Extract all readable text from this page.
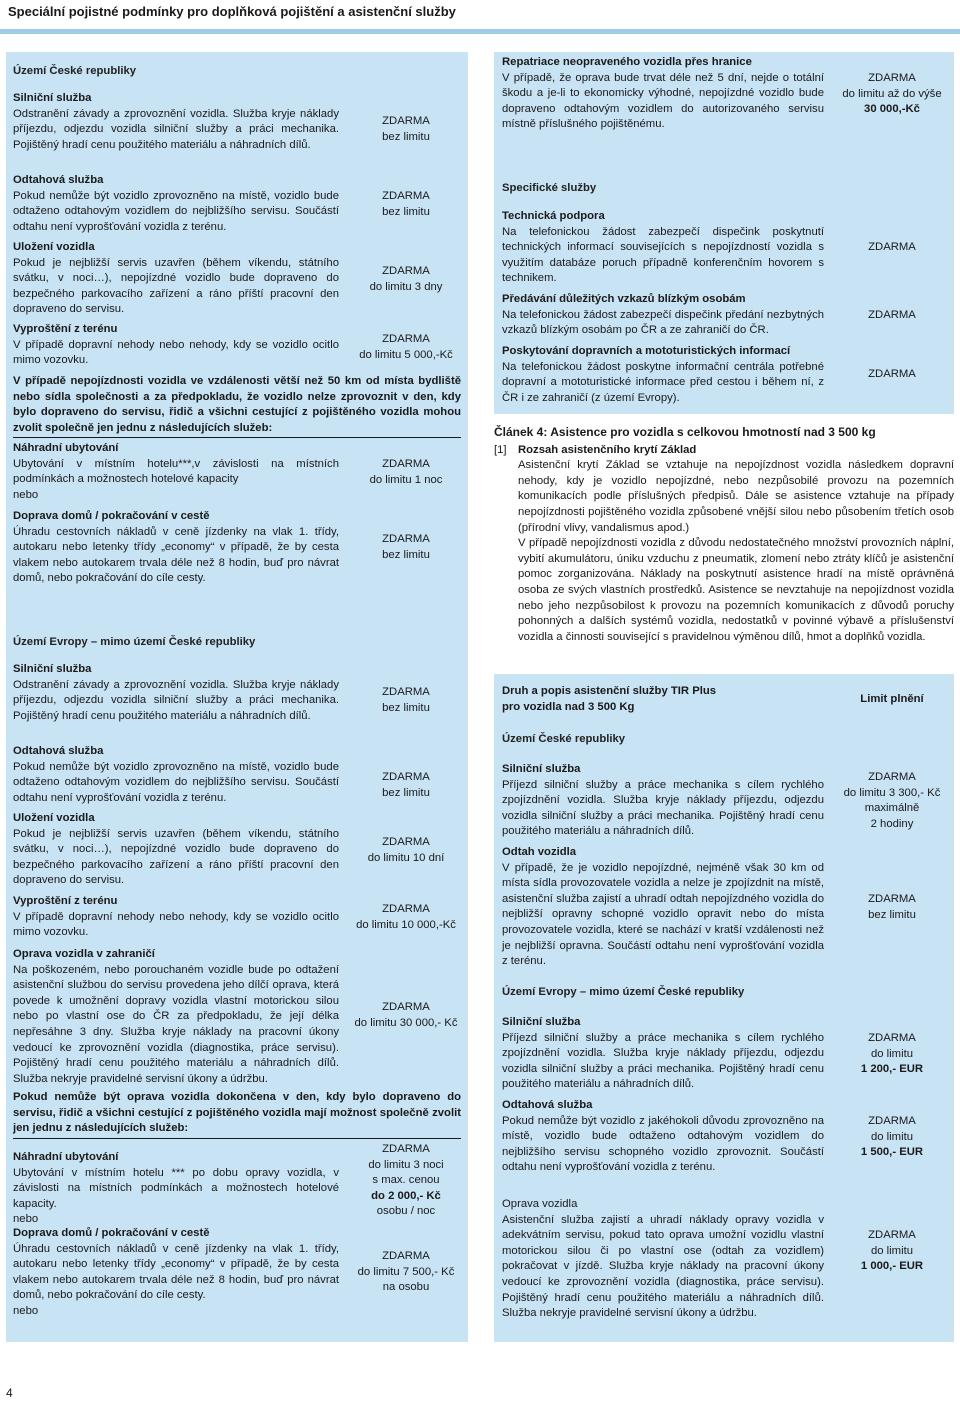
Speciální pojistné podmínky pro doplňková pojištění a asistenční služby
Území České republiky
Silniční služba
Odstranění závady a zprovoznění vozidla. Služba kryje náklady příjezdu, odjezdu vozidla silniční služby a práci mechanika. Pojištěný hradí cenu použitého materiálu a náhradních dílů.
ZDARMA
bez limitu
Odtahová služba
Pokud nemůže být vozidlo zprovozněno na místě, vozidlo bude odtaženo odtahovým vozidlem do nejbližšího servisu. Součástí odtahu není vyprošťování vozidla z terénu.
ZDARMA
bez limitu
Uložení vozidla
Pokud je nejbližší servis uzavřen (během víkendu, státního svátku, v noci…), nepojízdné vozidlo bude dopraveno do bezpečného parkovacího zařízení a ráno příští pracovní den dopraveno do servisu.
ZDARMA
do limitu 3 dny
Vyproštění z terénu
V případě dopravní nehody nebo nehody, kdy se vozidlo ocitlo mimo vozovku.
ZDARMA
do limitu 5 000,-Kč
V případě nepojízdnosti vozidla ve vzdálenosti větší než 50 km od místa bydliště nebo sídla společnosti a za předpokladu, že vozidlo nelze zprovoznit v den, kdy bylo dopraveno do servisu, řidič a všichni cestující z pojištěného vozidla mohou zvolit společně jen jednu z následujících služeb:
Náhradní ubytování
Ubytování v místním hotelu***,v závislosti na místních podmínkách a možnostech hotelové kapacity
nebo
ZDARMA
do limitu 1 noc
Doprava domů / pokračování v cestě
Úhradu cestovních nákladů v ceně jízdenky na vlak 1. třídy, autokaru nebo letenky třídy „economy“ v případě, že by cesta vlakem nebo autokarem trvala déle než 8 hodin, buď pro návrat domů, nebo pokračování do cíle cesty.
ZDARMA
bez limitu
Území Evropy – mimo území České republiky
Silniční služba
Odstranění závady a zprovoznění vozidla. Služba kryje náklady příjezdu, odjezdu vozidla silniční služby a práci mechanika. Pojištěný hradí cenu použitého materiálu a náhradních dílů.
ZDARMA
bez limitu
Odtahová služba
Pokud nemůže být vozidlo zprovozněno na místě, vozidlo bude odtaženo odtahovým vozidlem do nejbližšího servisu. Součástí odtahu není vyprošťování vozidla z terénu.
ZDARMA
bez limitu
Uložení vozidla
Pokud je nejbližší servis uzavřen (během víkendu, státního svátku, v noci…), nepojízdné vozidlo bude dopraveno do bezpečného parkovacího zařízení a ráno příští pracovní den dopraveno do servisu.
ZDARMA
do limitu 10 dní
Vyproštění z terénu
V případě dopravní nehody nebo nehody, kdy se vozidlo ocitlo mimo vozovku.
ZDARMA
do limitu 10 000,-Kč
Oprava vozidla v zahraničí
Na poškozeném, nebo porouchaném vozidle bude po odtažení asistenční službou do servisu provedena jeho dílčí oprava, která povede k umožnění dopravy vozidla vlastní motorickou silou nebo po vlastní ose do ČR za předpokladu, že její délka nepřesáhne 3 dny. Služba kryje náklady na pracovní úkony vedoucí ke zprovoznění vozidla (diagnostika, práce servisu). Pojištěný hradí cenu použitého materiálu a náhradních dílů. Služba nekryje pravidelné servisní úkony a údržbu.
ZDARMA
do limitu 30 000,- Kč
Pokud nemůže být oprava vozidla dokončena v den, kdy bylo dopraveno do servisu, řidič a všichni cestující z pojištěného vozidla mají možnost společně zvolit jen jednu z následujících služeb:
Náhradní ubytování
Ubytování v místním hotelu *** po dobu opravy vozidla, v závislosti na místních podmínkách a možnostech hotelové kapacity.
nebo
ZDARMA
do limitu 3 noci
s max. cenou
do 2 000,- Kč
osobu / noc
Doprava domů / pokračování v cestě
Úhradu cestovních nákladů v ceně jízdenky na vlak 1. třídy, autokaru nebo letenky třídy „economy“ v případě, že by cesta vlakem nebo autokarem trvala déle než 8 hodin, buď pro návrat domů, nebo pokračování do cíle cesty.
nebo
ZDARMA
do limitu 7 500,- Kč
na osobu
Repatriace neopraveného vozidla přes hranice
V případě, že oprava bude trvat déle než 5 dní, nejde o totální škodu a je-li to ekonomicky výhodné, nepojízdné vozidlo bude dopraveno odtahovým vozidlem do autorizovaného servisu místně příslušného pojištěnému.
ZDARMA
do limitu až do výše
30 000,-Kč
Specifické služby
Technická podpora
Na telefonickou žádost zabezpečí dispečink poskytnutí technických informací souvisejících s nepojízdností vozidla s využitím databáze poruch případně konferenčním hovorem s technikem.
ZDARMA
Předávání důležitých vzkazů blízkým osobám
Na telefonickou žádost zabezpečí dispečink předání nezbytných vzkazů blízkým osobám po ČR a ze zahraničí do ČR.
ZDARMA
Poskytování dopravních a mototuristických informací
Na telefonickou žádost poskytne informační centrála potřebné dopravní a mototuristické informace před cestou i během ní, z ČR i ze zahraničí (z území Evropy).
ZDARMA
Článek 4: Asistence pro vozidla s celkovou hmotností nad 3 500 kg
[1] Rozsah asistenčního krytí Základ
Asistenční krytí Základ se vztahuje na nepojízdnost vozidla následkem dopravní nehody, kdy je vozidlo nepojízdné, nebo nezpůsobilé provozu na pozemních komunikacích podle příslušných předpisů. Dále se asistence vztahuje na případy nepojízdnosti pojištěného vozidla způsobené vnější silou nebo působením třetích osob (přírodní vlivy, vandalismus apod.)
V případě nepojízdnosti vozidla z důvodu nedostatečného množství provozních náplní, vybití akumulátoru, úniku vzduchu z pneumatik, zlomení nebo ztráty klíčů je asistenční pomoc zorganizována. Náklady na poskytnutí asistence hradí na místě oprávněná osoba ze svých vlastních prostředků. Asistence se nevztahuje na nepojízdnost vozidla nebo jeho nezpůsobilost k provozu na pozemních komunikacích z důvodů poruchy pohonných a dalších systémů vozidla, nedostatků v povinné výbavě a příslušenství vozidla a činnosti související s pravidelnou výměnou dílů, hmot a doplňků vozidla.
Druh a popis asistenční služby TIR Plus
pro vozidla nad 3 500 Kg
Limit plnění
Území České republiky
Silniční služba
Příjezd silniční služby a práce mechanika s cílem rychlého zpojízdnění vozidla. Služba kryje náklady příjezdu, odjezdu vozidla silniční služby a práci mechanika. Pojištěný hradí cenu použitého materiálu a náhradních dílů.
ZDARMA
do limitu 3 300,- Kč
maximálně
2 hodiny
Odtah vozidla
V případě, že je vozidlo nepojízdné, nejméně však 30 km od místa sídla provozovatele vozidla a nelze je zpojízdnit na místě, asistenční služba zajistí a uhradí odtah nepojízdného vozidla do nejbližší opravny schopné vozidlo opravit nebo do místa provozovatele vozidla, které se nachází v kratší vzdálenosti než je nejbližší opravna. Součástí odtahu není vyprošťování vozidla z terénu.
ZDARMA
bez limitu
Území Evropy – mimo území České republiky
Silniční služba
Příjezd silniční služby a práce mechanika s cílem rychlého zpojízdnění vozidla. Služba kryje náklady příjezdu, odjezdu vozidla silniční služby a práci mechanika. Pojištěný hradí cenu použitého materiálu a náhradních dílů.
ZDARMA
do limitu
1 200,- EUR
Odtahová služba
Pokud nemůže být vozidlo z jakéhokoli důvodu zprovozněno na místě, vozidlo bude odtaženo odtahovým vozidlem do nejbližšího servisu schopného vozidlo zprovoznit. Součástí odtahu není vyprošťování vozidla z terénu.
ZDARMA
do limitu
1 500,- EUR
Oprava vozidla
Asistenční služba zajistí a uhradí náklady opravy vozidla v adekvátním servisu, pokud tato oprava umožní vozidlu vlastní motorickou silou či po vlastní ose (odtah za vozidlem) pokračovat v jízdě. Služba kryje náklady na pracovní úkony vedoucí ke zprovoznění vozidla (diagnostika, práce servisu). Pojištěný hradí cenu použitého materiálu a náhradních dílů. Služba nekryje pravidelné servisní úkony a údržbu.
ZDARMA
do limitu
1 000,- EUR
4
